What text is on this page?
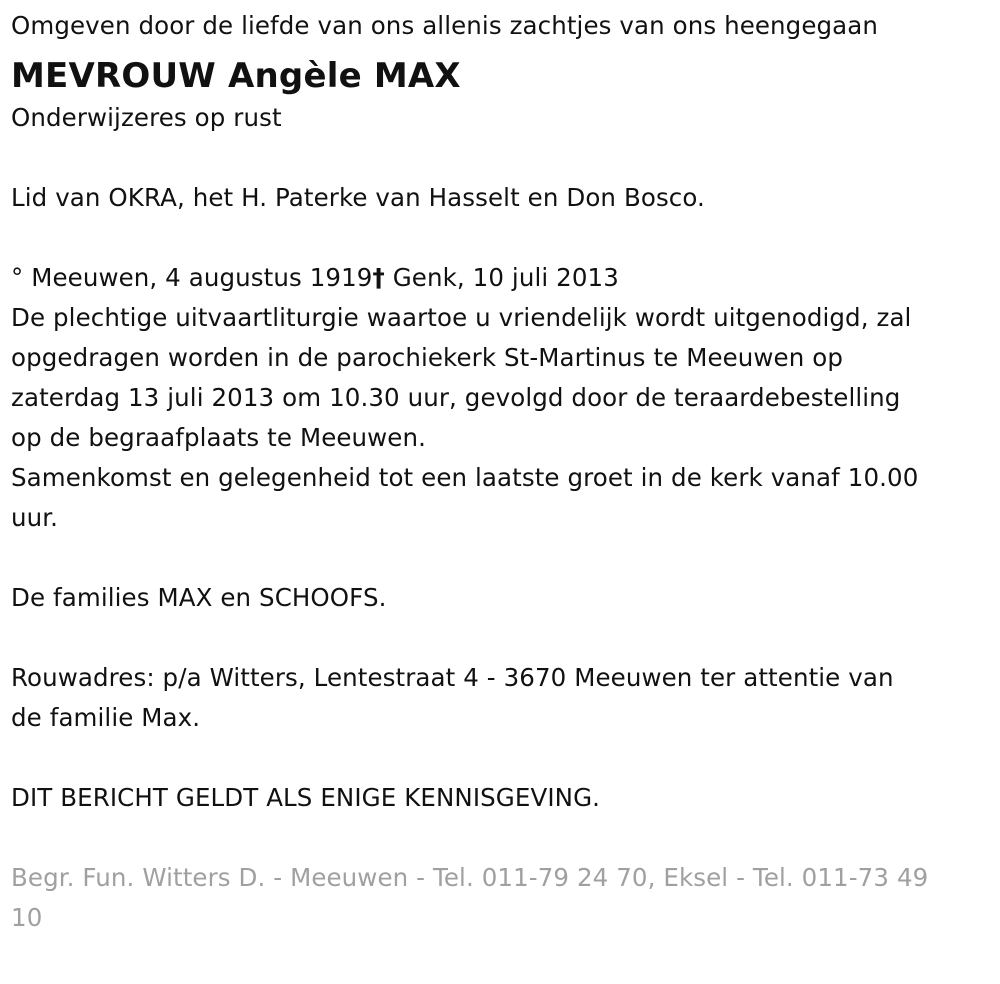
Omgeven door de liefde van ons allenis zachtjes van ons heengegaan
MEVROUW Angèle MAX
Onderwijzeres op rust
Lid van OKRA, het H. Paterke van Hasselt en Don Bosco.
° Meeuwen, 4 augustus 1919† Genk, 10 juli 2013
De plechtige uitvaartliturgie waartoe u vriendelijk wordt uitgenodigd, zal
opgedragen worden in de parochiekerk St-Martinus te Meeuwen op
zaterdag 13 juli 2013 om 10.30 uur, gevolgd door de teraardebestelling
op de begraafplaats te Meeuwen.
Samenkomst en gelegenheid tot een laatste groet in de kerk vanaf 10.00
uur.
De families MAX en SCHOOFS.
Rouwadres: p/a Witters, Lentestraat 4 - 3670 Meeuwen ter attentie van
de familie Max.
DIT BERICHT GELDT ALS ENIGE KENNISGEVING.
Begr. Fun. Witters D. - Meeuwen - Tel. 011-79 24 70, Eksel - Tel. 011-73 49
10
